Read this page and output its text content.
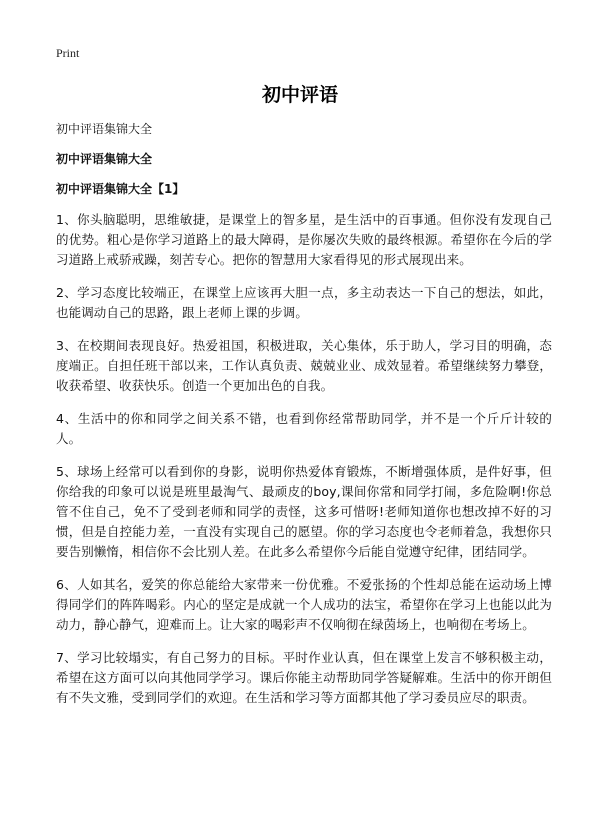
Print
初中评语

初中评语集锦大全

初中评语集锦大全

初中评语集锦大全【1】

1、你头脑聪明，思维敏捷，是课堂上的智多星，是生活中的百事通。但你没有发现自己的优势。粗心是你学习道路上的最大障碍，是你屡次失败的最终根源。希望你在今后的学习道路上戒骄戒躁，刻苦专心。把你的智慧用大家看得见的形式展现出来。

2、学习态度比较端正，在课堂上应该再大胆一点，多主动表达一下自己的想法，如此，也能调动自己的思路，跟上老师上课的步调。

3、在校期间表现良好。热爱祖国，积极进取，关心集体，乐于助人，学习目的明确，态度端正。自担任班干部以来，工作认真负责、兢兢业业、成效显着。希望继续努力攀登，收获希望、收获快乐。创造一个更加出色的自我。

4、生活中的你和同学之间关系不错，也看到你经常帮助同学，并不是一个斤斤计较的人。

5、球场上经常可以看到你的身影，说明你热爱体育锻炼，不断增强体质，是件好事，但你给我的印象可以说是班里最淘气、最顽皮的boy,课间你常和同学打闹，多危险啊!你总管不住自己，免不了受到老师和同学的责怪，这多可惜呀!老师知道你也想改掉不好的习惯，但是自控能力差，一直没有实现自己的愿望。你的学习态度也令老师着急，我想你只要告别懒惰，相信你不会比别人差。在此多么希望你今后能自觉遵守纪律，团结同学。

6、人如其名，爱笑的你总能给大家带来一份优雅。不爱张扬的个性却总能在运动场上博得同学们的阵阵喝彩。内心的坚定是成就一个人成功的法宝，希望你在学习上也能以此为动力，静心静气，迎难而上。让大家的喝彩声不仅响彻在绿茵场上，也响彻在考场上。

7、学习比较塌实，有自己努力的目标。平时作业认真，但在课堂上发言不够积极主动，希望在这方面可以向其他同学学习。课后你能主动帮助同学答疑解难。生活中的你开朗但有不失文雅，受到同学们的欢迎。在生活和学习等方面都其他了学习委员应尽的职责。
